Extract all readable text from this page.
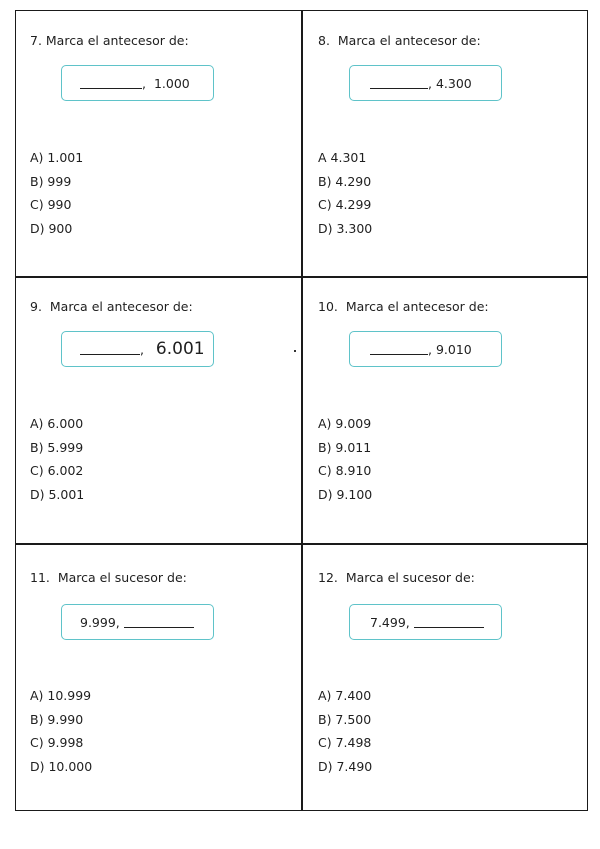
7. Marca el antecesor de:
,
1.000
A) 1.001
B) 999
C) 990
D) 900
8.  Marca el antecesor de:
,
4.300
A 4.301
B) 4.290
C) 4.299
D) 3.300
9.  Marca el antecesor de:
,
6.001
A) 6.000
B) 5.999
C) 6.002
D) 5.001
10.  Marca el antecesor de:
,
9.010
A) 9.009
B) 9.011
C) 8.910
D) 9.100
11.  Marca el sucesor de:
9.999 ,

A) 10.999
B) 9.990
C) 9.998
D) 10.000
12.  Marca el sucesor de:
7.499 ,

A) 7.400
B) 7.500
C) 7.498
D) 7.490
